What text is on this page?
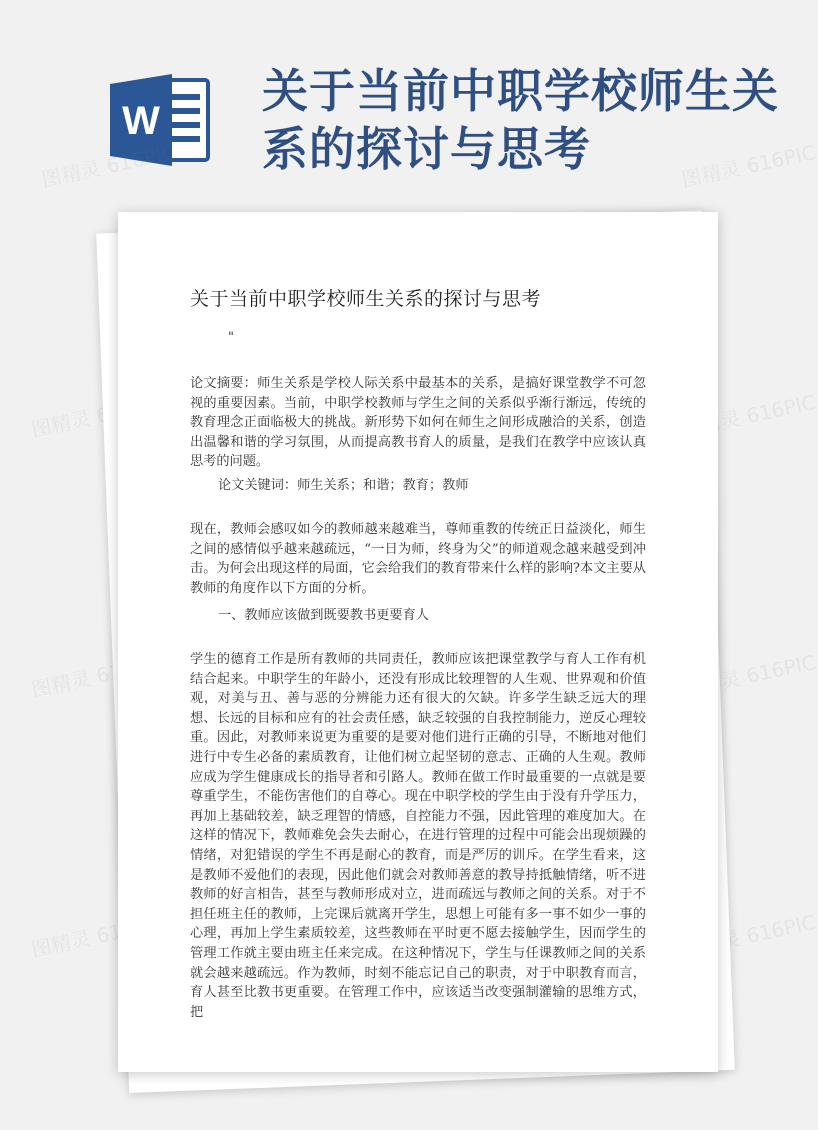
W
关于当前中职学校师生关系的探讨与思考
图精灵 616PIC	图精灵 616PIC
图精灵 616PIC	图精灵 616PIC
图精灵 616PIC	图精灵 616PIC
图精灵 616PIC	图精灵 616PIC
关于当前中职学校师生关系的探讨与思考
"
论文摘要：师生关系是学校人际关系中最基本的关系，是搞好课堂教学不可忽视的重要因素。当前，中职学校教师与学生之间的关系似乎渐行渐远，传统的教育理念正面临极大的挑战。新形势下如何在师生之间形成融洽的关系，创造出温馨和谐的学习氛围，从而提高教书育人的质量，是我们在教学中应该认真思考的问题。
论文关键词：师生关系；和谐；教育；教师
现在，教师会感叹如今的教师越来越难当，尊师重教的传统正日益淡化，师生之间的感情似乎越来越疏远，“一日为师，终身为父”的师道观念越来越受到冲击。为何会出现这样的局面，它会给我们的教育带来什么样的影响?本文主要从教师的角度作以下方面的分析。
一、教师应该做到既要教书更要育人
学生的德育工作是所有教师的共同责任，教师应该把课堂教学与育人工作有机结合起来。中职学生的年龄小，还没有形成比较理智的人生观、世界观和价值观，对美与丑、善与恶的分辨能力还有很大的欠缺。许多学生缺乏远大的理想、长远的目标和应有的社会责任感，缺乏较强的自我控制能力，逆反心理较重。因此，对教师来说更为重要的是要对他们进行正确的引导，不断地对他们进行中专生必备的素质教育，让他们树立起坚韧的意志、正确的人生观。教师应成为学生健康成长的指导者和引路人。教师在做工作时最重要的一点就是要尊重学生，不能伤害他们的自尊心。现在中职学校的学生由于没有升学压力，再加上基础较差，缺乏理智的情感，自控能力不强，因此管理的难度加大。在这样的情况下，教师难免会失去耐心，在进行管理的过程中可能会出现烦躁的情绪，对犯错误的学生不再是耐心的教育，而是严厉的训斥。在学生看来，这是教师不爱他们的表现，因此他们就会对教师善意的教导持抵触情绪，听不进教师的好言相告，甚至与教师形成对立，进而疏远与教师之间的关系。对于不担任班主任的教师，上完课后就离开学生，思想上可能有多一事不如少一事的心理，再加上学生素质较差，这些教师在平时更不愿去接触学生，因而学生的管理工作就主要由班主任来完成。在这种情况下，学生与任课教师之间的关系就会越来越疏远。作为教师，时刻不能忘记自己的职责，对于中职教育而言，育人甚至比教书更重要。在管理工作中，应该适当改变强制灌输的思维方式，把
